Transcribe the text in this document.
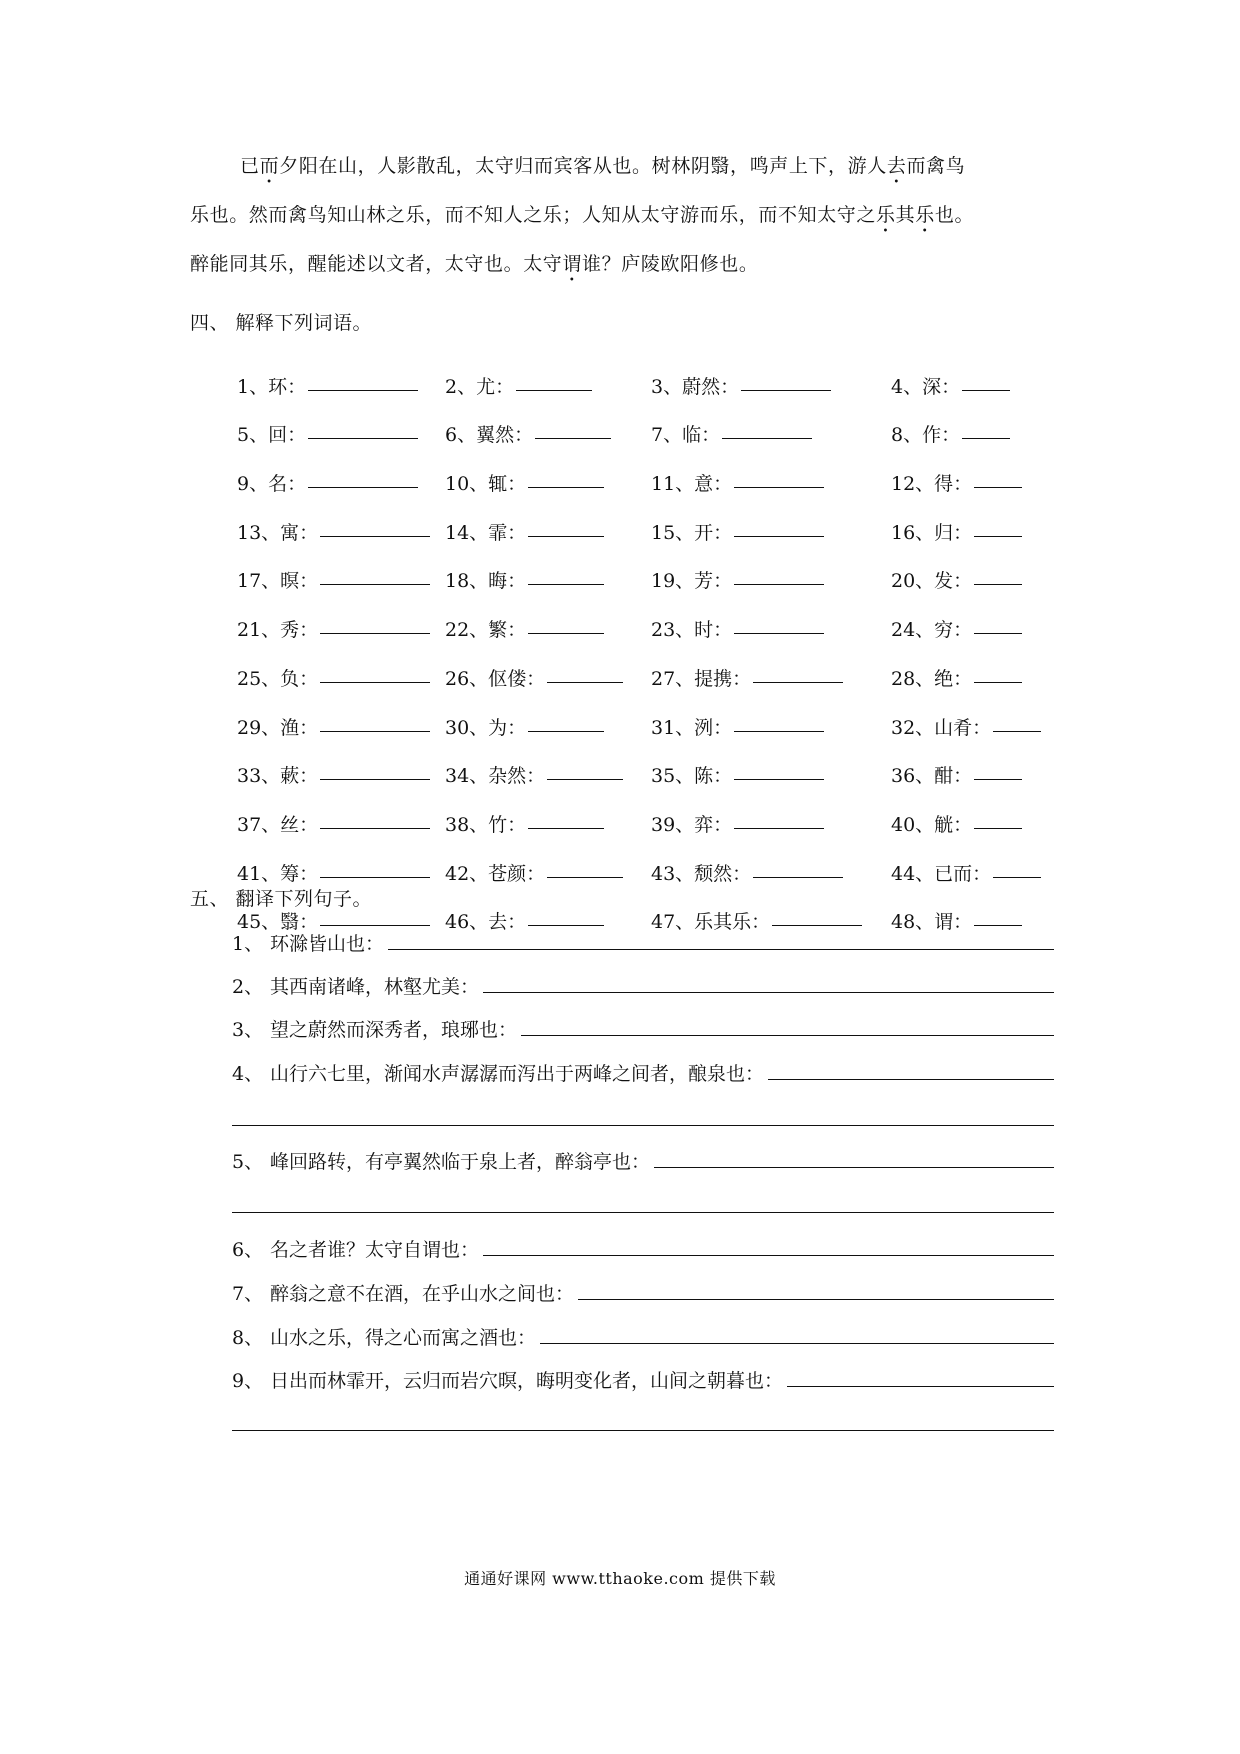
已而夕阳在山，人影散乱，太守归而宾客从也。树林阴翳，鸣声上下，游人去而禽鸟

乐也。然而禽鸟知山林之乐，而不知人之乐；人知从太守游而乐，而不知太守之乐其乐也。

醉能同其乐，醒能述以文者，太守也。太守谓谁？庐陵欧阳修也。

四、 解释下列词语。
1、环：	2、尤：	3、蔚然：	4、深：
5、回：	6、翼然：	7、临：	8、作：
9、名：	10、辄：	11、意：	12、得：
13、寓：	14、霏：	15、开：	16、归：
17、暝：	18、晦：	19、芳：	20、发：
21、秀：	22、繁：	23、时：	24、穷：
25、负：	26、伛偻：	27、提携：	28、绝：
29、渔：	30、为：	31、洌：	32、山肴：
33、蔌：	34、杂然：	35、陈：	36、酣：
37、丝：	38、竹：	39、弈：	40、觥：
41、筹：	42、苍颜：	43、颓然：	44、已而：
45、翳：	46、去：	47、乐其乐：	48、谓：
五、 翻译下列句子。
1、 环滁皆山也：
2、 其西南诸峰，林壑尤美：
3、 望之蔚然而深秀者，琅琊也：
4、 山行六七里，渐闻水声潺潺而泻出于两峰之间者，酿泉也：
5、 峰回路转，有亭翼然临于泉上者，醉翁亭也：
6、 名之者谁？太守自谓也：
7、 醉翁之意不在酒，在乎山水之间也：
8、 山水之乐，得之心而寓之酒也：
9、 日出而林霏开，云归而岩穴暝，晦明变化者，山间之朝暮也：
通通好课网 www.tthaoke.com 提供下载
